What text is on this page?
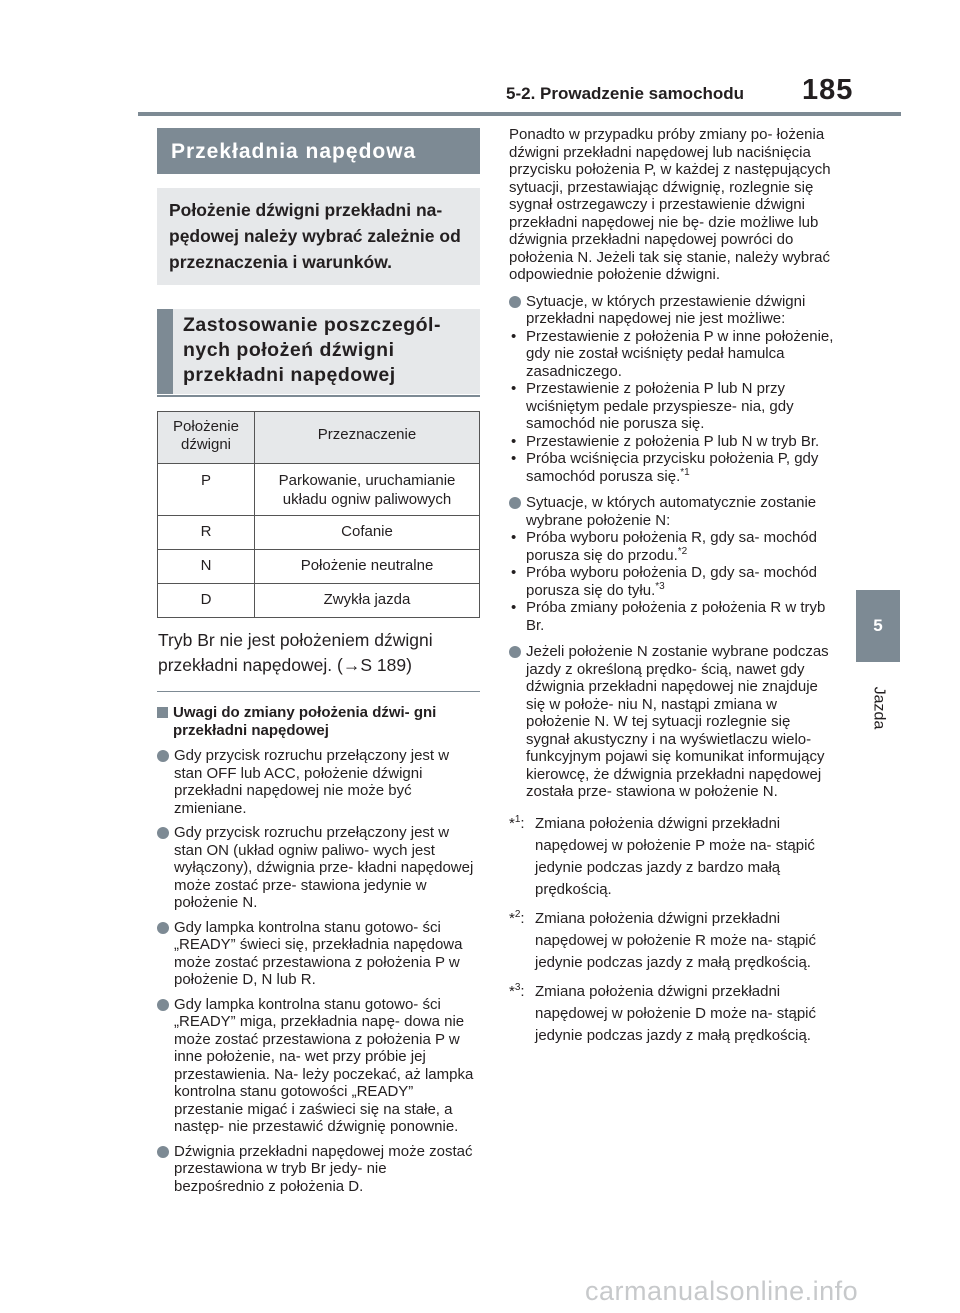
5-2. Prowadzenie samochodu 185
5
Jazda
Przekładnia napędowa
Położenie dźwigni przekładni na- pędowej należy wybrać zależnie od przeznaczenia i warunków.
Zastosowanie poszczegól- nych położeń dźwigni przekładni napędowej
Położenie dźwigni	Przeznaczenie
P	Parkowanie, uruchamianie układu ogniw paliwowych
R	Cofanie
N	Położenie neutralne
D	Zwykła jazda
Tryb Br nie jest położeniem dźwigni przekładni napędowej. (→S 189)
Uwagi do zmiany położenia dźwi- gni przekładni napędowej
Gdy przycisk rozruchu przełączony jest w stan OFF lub ACC, położenie dźwigni przekładni napędowej nie może być zmieniane.
Gdy przycisk rozruchu przełączony jest w stan ON (układ ogniw paliwo- wych jest wyłączony), dźwignia prze- kładni napędowej może zostać prze- stawiona jedynie w położenie N.
Gdy lampka kontrolna stanu gotowo- ści „READY” świeci się, przekładnia napędowa może zostać przestawiona z położenia P w położenie D, N lub R.
Gdy lampka kontrolna stanu gotowo- ści „READY” miga, przekładnia napę- dowa nie może zostać przestawiona z położenia P w inne położenie, na- wet przy próbie jej przestawienia. Na- leży poczekać, aż lampka kontrolna stanu gotowości „READY” przestanie migać i zaświeci się na stałe, a następ- nie przestawić dźwignię ponownie.
Dźwignia przekładni napędowej może zostać przestawiona w tryb Br jedy- nie bezpośrednio z położenia D.
Ponadto w przypadku próby zmiany po- łożenia dźwigni przekładni napędowej lub naciśnięcia przycisku położenia P, w każdej z następujących sytuacji, przestawiając dźwignię, rozlegnie się sygnał ostrzegawczy i przestawienie dźwigni przekładni napędowej nie bę- dzie możliwe lub dźwignia przekładni napędowej powróci do położenia N. Jeżeli tak się stanie, należy wybrać odpowiednie położenie dźwigni.
Sytuacje, w których przestawienie dźwigni przekładni napędowej nie jest możliwe:
• Przestawienie z położenia P w inne położenie, gdy nie został wciśnięty pedał hamulca zasadniczego.
• Przestawienie z położenia P lub N przy wciśniętym pedale przyspiesze- nia, gdy samochód nie porusza się.
• Przestawienie z położenia P lub N w tryb Br.
• Próba wciśnięcia przycisku położenia P, gdy samochód porusza się.$^{*1}$
Sytuacje, w których automatycznie zostanie wybrane położenie N:
• Próba wyboru położenia R, gdy sa- mochód porusza się do przodu.$^{*2}$
• Próba wyboru położenia D, gdy sa- mochód porusza się do tyłu.$^{*3}$
• Próba zmiany położenia z położenia R w tryb Br.
Jeżeli położenie N zostanie wybrane podczas jazdy z określoną prędko- ścią, nawet gdy dźwignia przekładni napędowej nie znajduje się w położe- niu N, nastąpi zmiana w położenie N. W tej sytuacji rozlegnie się sygnał akustyczny i na wyświetlaczu wielo- funkcyjnym pojawi się komunikat informujący kierowcę, że dźwignia przekładni napędowej została prze- stawiona w położenie N.
*$^1$: Zmiana położenia dźwigni przekładni napędowej w położenie P może na- stąpić jedynie podczas jazdy z bardzo małą prędkością.
*$^2$: Zmiana położenia dźwigni przekładni napędowej w położenie R może na- stąpić jedynie podczas jazdy z małą prędkością.
*$^3$: Zmiana położenia dźwigni przekładni napędowej w położenie D może na- stąpić jedynie podczas jazdy z małą prędkością.
carmanualsonline.info
